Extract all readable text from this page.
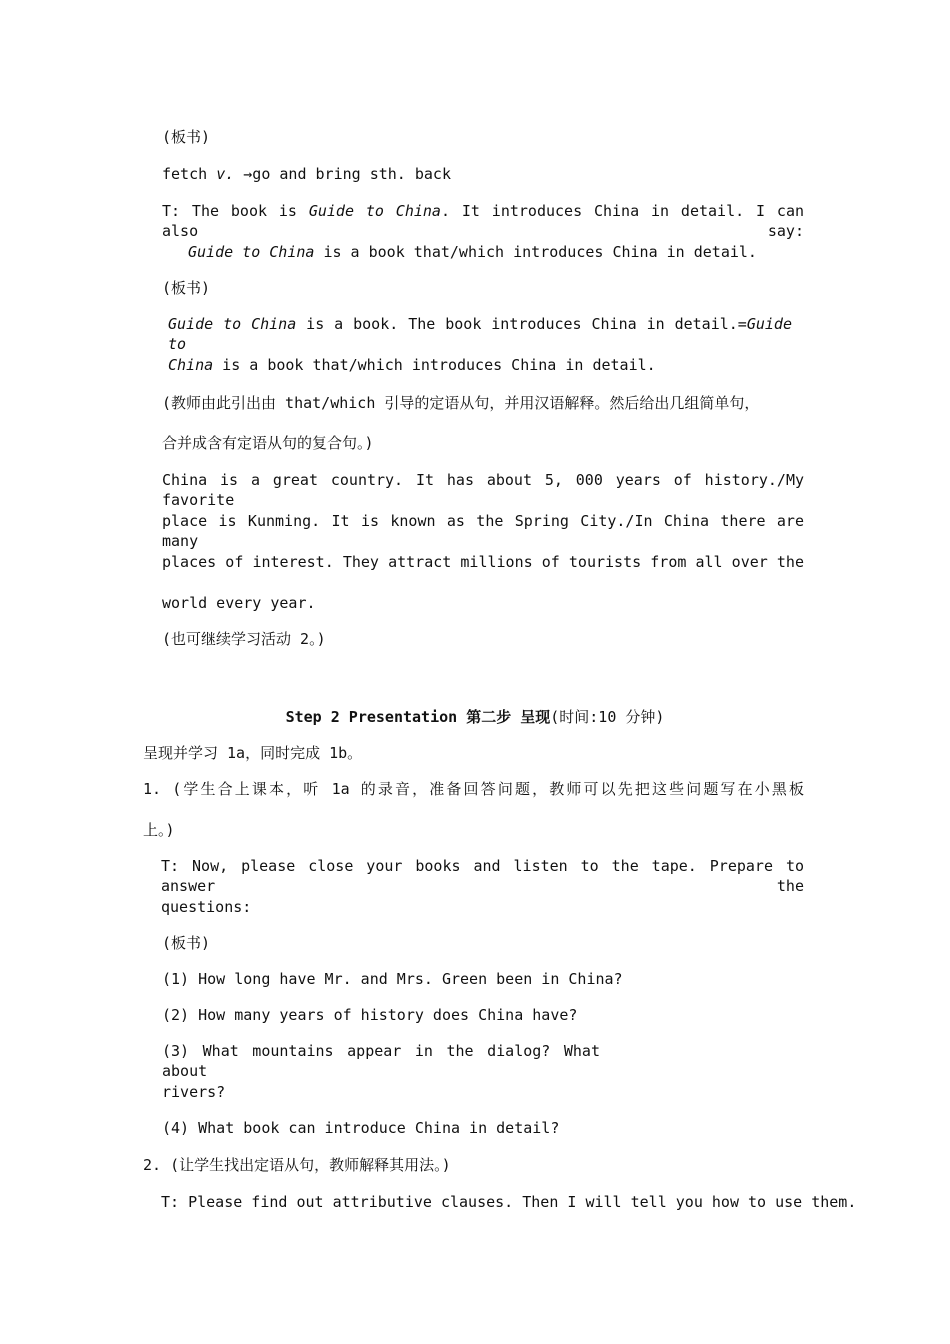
(板书)
fetch v. →go and bring sth. back
T: The book is Guide to China. It introduces China in detail. I can also say:
Guide to China is a book that/which introduces China in detail.
(板书)
Guide to China is a book. The book introduces China in detail.=Guide to
China is a book that/which introduces China in detail.
(教师由此引出由 that/which 引导的定语从句，并用汉语解释。然后给出几组简单句，
合并成含有定语从句的复合句。)
China is a great country. It has about 5, 000 years of history./My favorite
place is Kunming. It is known as the Spring City./In China there are many
places of interest. They attract millions of tourists from all over the
world every year.
(也可继续学习活动 2。)
Step 2 Presentation 第二步 呈现(时间:10 分钟)
呈现并学习 1a，同时完成 1b。
1. (学生合上课本，听 1a 的录音，准备回答问题，教师可以先把这些问题写在小黑板
上。)
T: Now, please close your books and listen to the tape. Prepare to answer the
questions:
(板书)
(1) How long have Mr. and Mrs. Green been in China?
(2) How many years of history does China have?
(3) What mountains appear in the dialog? What about
rivers?
(4) What book can introduce China in detail?
2. (让学生找出定语从句，教师解释其用法。)
T: Please find out attributive clauses. Then I will tell you how to use them.
